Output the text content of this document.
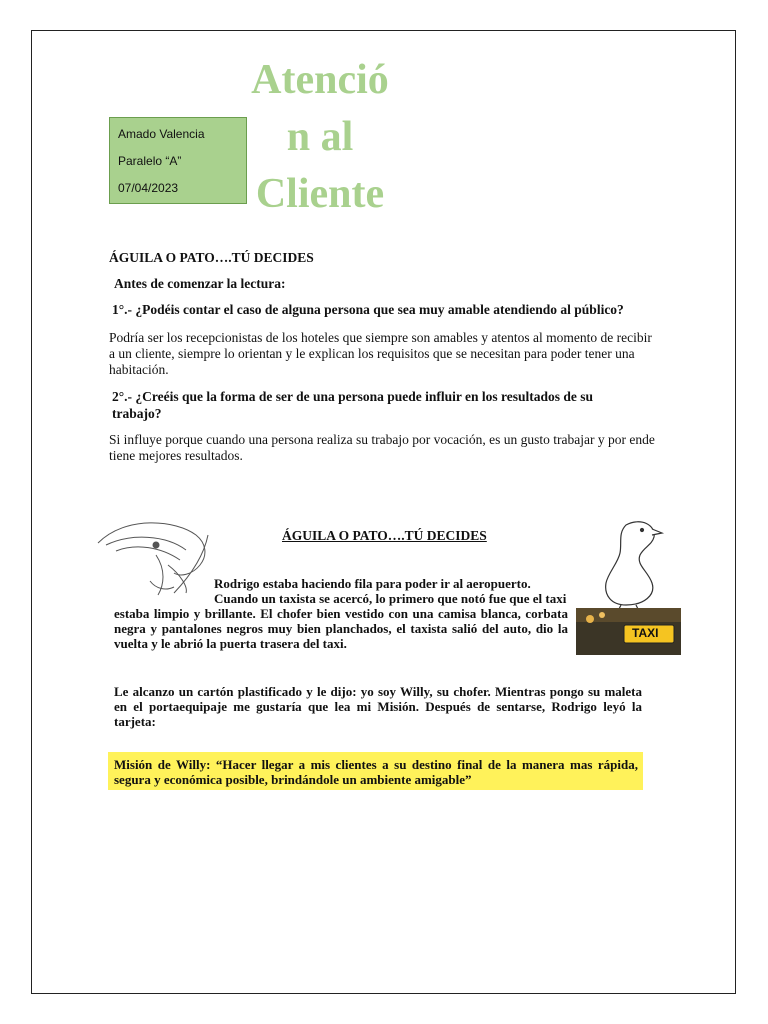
Amado Valencia
Paralelo “A”
07/04/2023
Atenció
n al
Cliente
ÁGUILA O PATO….TÚ DECIDES
Antes de comenzar la lectura:
1°.- ¿Podéis contar el caso de alguna persona que sea muy amable atendiendo al público?
Podría ser los recepcionistas de los hoteles que siempre son amables y atentos al momento de recibir a un cliente, siempre lo orientan y le explican los requisitos que se necesitan para poder tener una habitación.
2°.- ¿Creéis que la forma de ser de una persona puede influir en los resultados de su trabajo?
Si influye porque cuando una persona realiza su trabajo por vocación, es un gusto trabajar y por ende tiene mejores resultados.
TAXI
ÁGUILA O PATO….TÚ DECIDES
Rodrigo estaba haciendo fila para poder ir al aeropuerto.
Cuando un taxista se acercó, lo primero que notó fue que el taxi
estaba limpio y brillante. El chofer bien vestido con una camisa blanca, corbata negra y pantalones negros muy bien planchados, el taxista salió del auto, dio la vuelta y le abrió la puerta trasera del taxi.
Le alcanzo un cartón plastificado y le dijo: yo soy Willy, su chofer. Mientras pongo su maleta en el portaequipaje me gustaría que lea mi Misión. Después de sentarse, Rodrigo leyó la tarjeta:
Misión de Willy: “Hacer llegar a mis clientes a su destino final de la manera mas rápida, segura y económica posible, brindándole un ambiente amigable”
